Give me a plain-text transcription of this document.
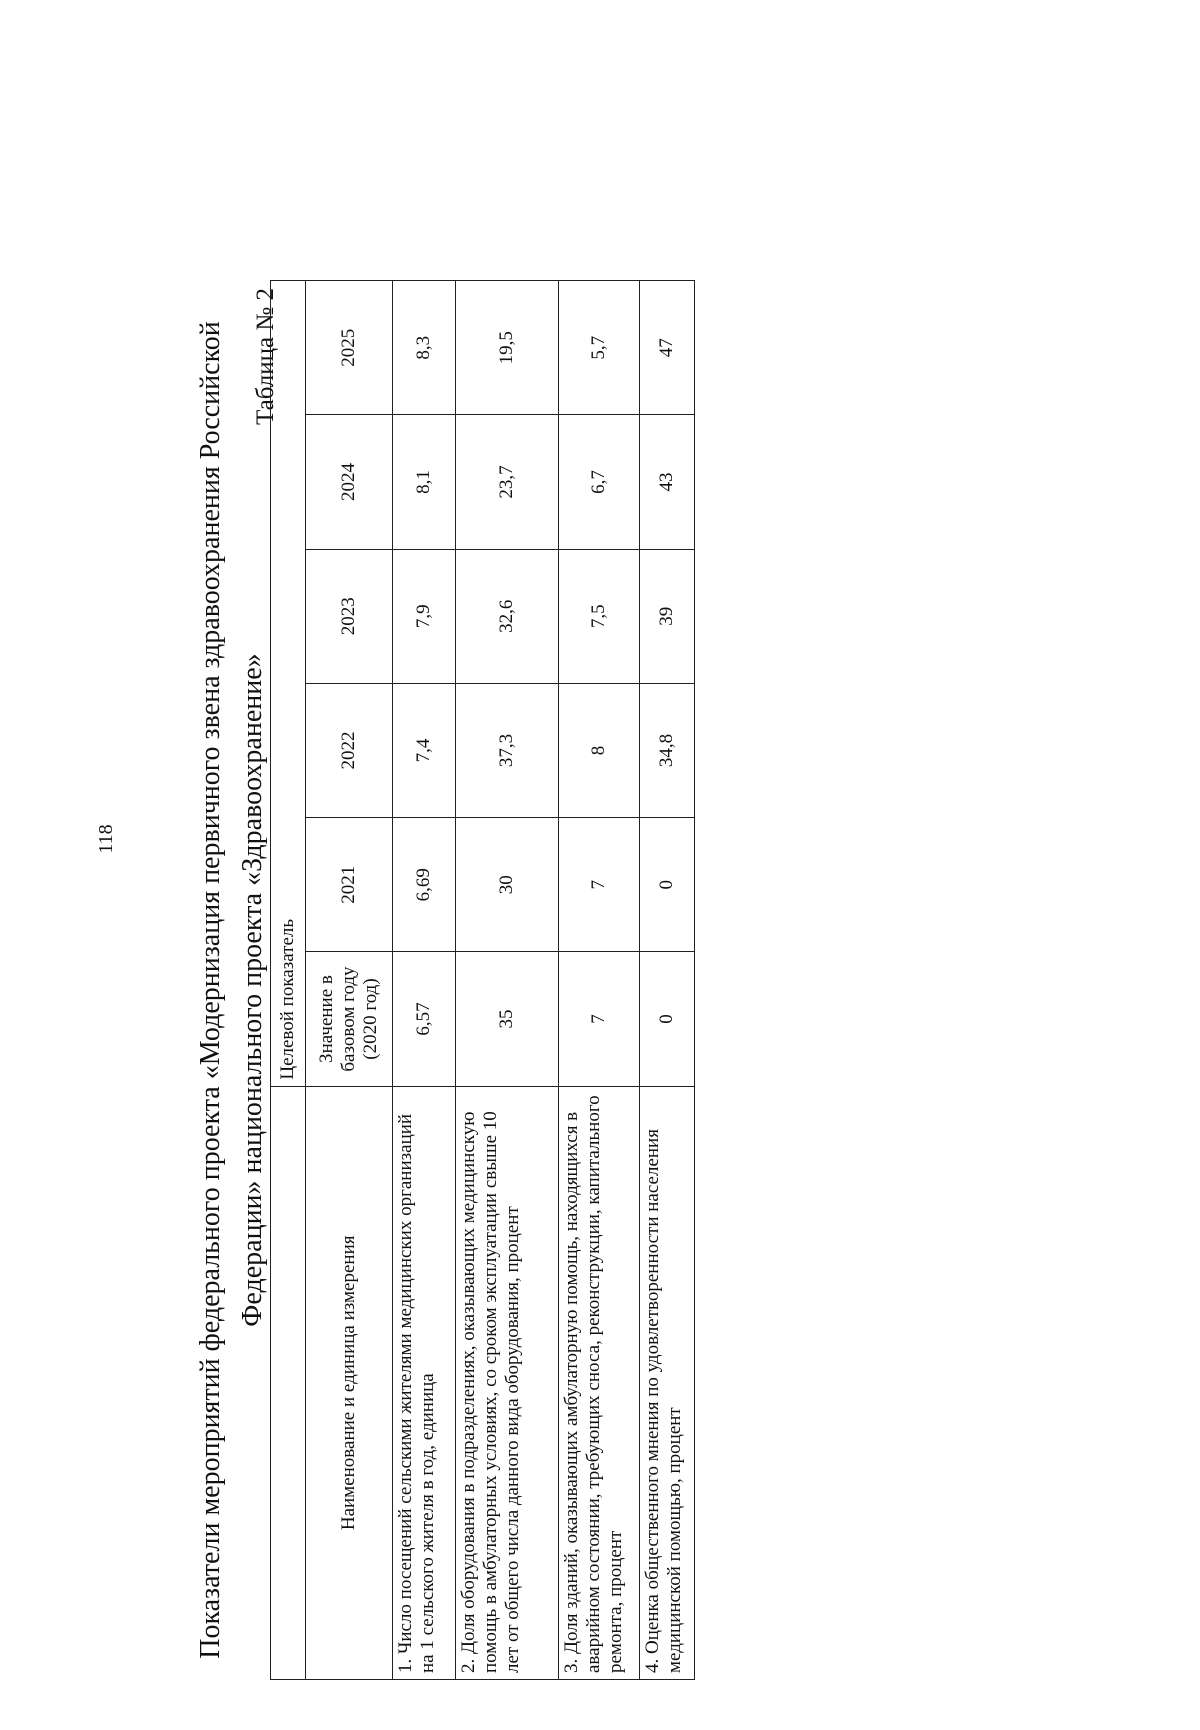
118	Показатели мероприятий федерального проекта «Модернизация первичного звена здравоохранения Российской Федерации» национального проекта «Здравоохранение»
Таблица № 2
	Целевой показатель					
Наименование и единица измерения	Значение в базовом году (2020 год)	2021	2022	2023	2024	2025
1. Число посещений сельскими жителями медицинских организаций на 1 сельского жителя в год, единица	6,57	6,69	7,4	7,9	8,1	8,3
2. Доля оборудования в подразделениях, оказывающих медицинскую помощь в амбулаторных условиях, со сроком эксплуатации свыше 10 лет от общего числа данного вида оборудования, процент	35	30	37,3	32,6	23,7	19,5
3. Доля зданий, оказывающих амбулаторную помощь, находящихся в аварийном состоянии, требующих сноса, реконструкции, капитального ремонта, процент	7	7	8	7,5	6,7	5,7
4. Оценка общественного мнения по удовлетворенности населения медицинской помощью, процент	0	0	34,8	39	43	47
